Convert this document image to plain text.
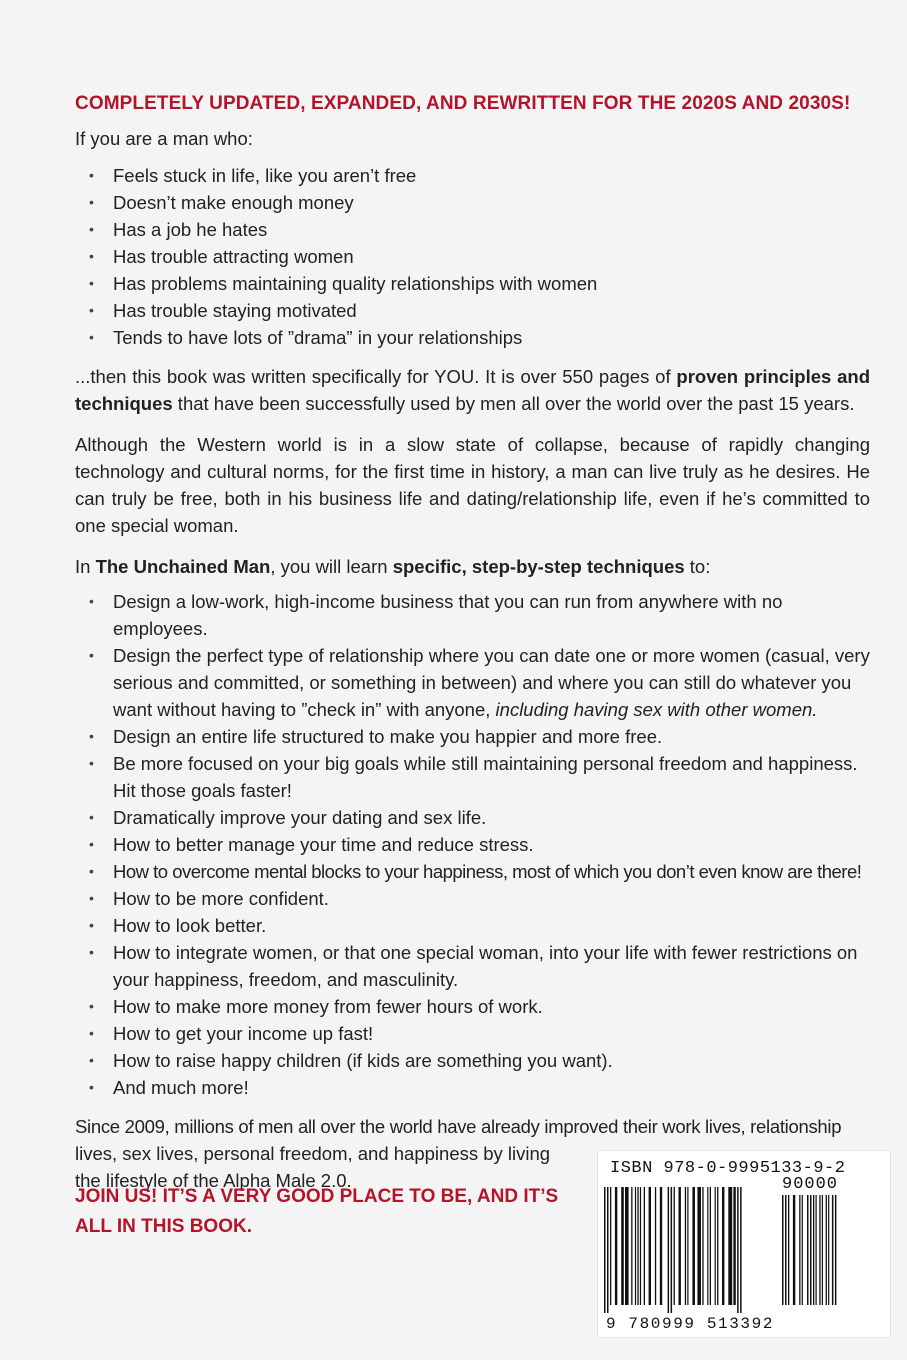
COMPLETELY UPDATED, EXPANDED, AND REWRITTEN FOR THE 2020S AND 2030S!

If you are a man who:

• Feels stuck in life, like you aren’t free
• Doesn’t make enough money
• Has a job he hates
• Has trouble attracting women
• Has problems maintaining quality relationships with women
• Has trouble staying motivated
• Tends to have lots of ”drama” in your relationships

...then this book was written specifically for YOU. It is over 550 pages of proven principles and techniques that have been successfully used by men all over the world over the past 15 years.

Although the Western world is in a slow state of collapse, because of rapidly changing technology and cultural norms, for the first time in history, a man can live truly as he desires. He can truly be free, both in his business life and dating/relationship life, even if he’s committed to one special woman.

In The Unchained Man, you will learn specific, step-by-step techniques to:

• Design a low-work, high-income business that you can run from anywhere with no employees.
• Design the perfect type of relationship where you can date one or more women (casual, very serious and committed, or something in between) and where you can still do whatever you want without having to ”check in” with anyone, including having sex with other women.
• Design an entire life structured to make you happier and more free.
• Be more focused on your big goals while still maintaining personal freedom and happiness. Hit those goals faster!
• Dramatically improve your dating and sex life.
• How to better manage your time and reduce stress.
• How to overcome mental blocks to your happiness, most of which you don’t even know are there!
• How to be more confident.
• How to look better.
• How to integrate women, or that one special woman, into your life with fewer restrictions on your happiness, freedom, and masculinity.
• How to make more money from fewer hours of work.
• How to get your income up fast!
• How to raise happy children (if kids are something you want).
• And much more!
Since 2009, millions of men all over the world have already improved their work lives, relationship
lives, sex lives, personal freedom, and happiness by living
the lifestyle of the Alpha Male 2.0.
JOIN US! IT’S A VERY GOOD PLACE TO BE, AND IT’S ALL IN THIS BOOK.
ISBN 978-0-9995133-9-2
90000
9 780999 513392
